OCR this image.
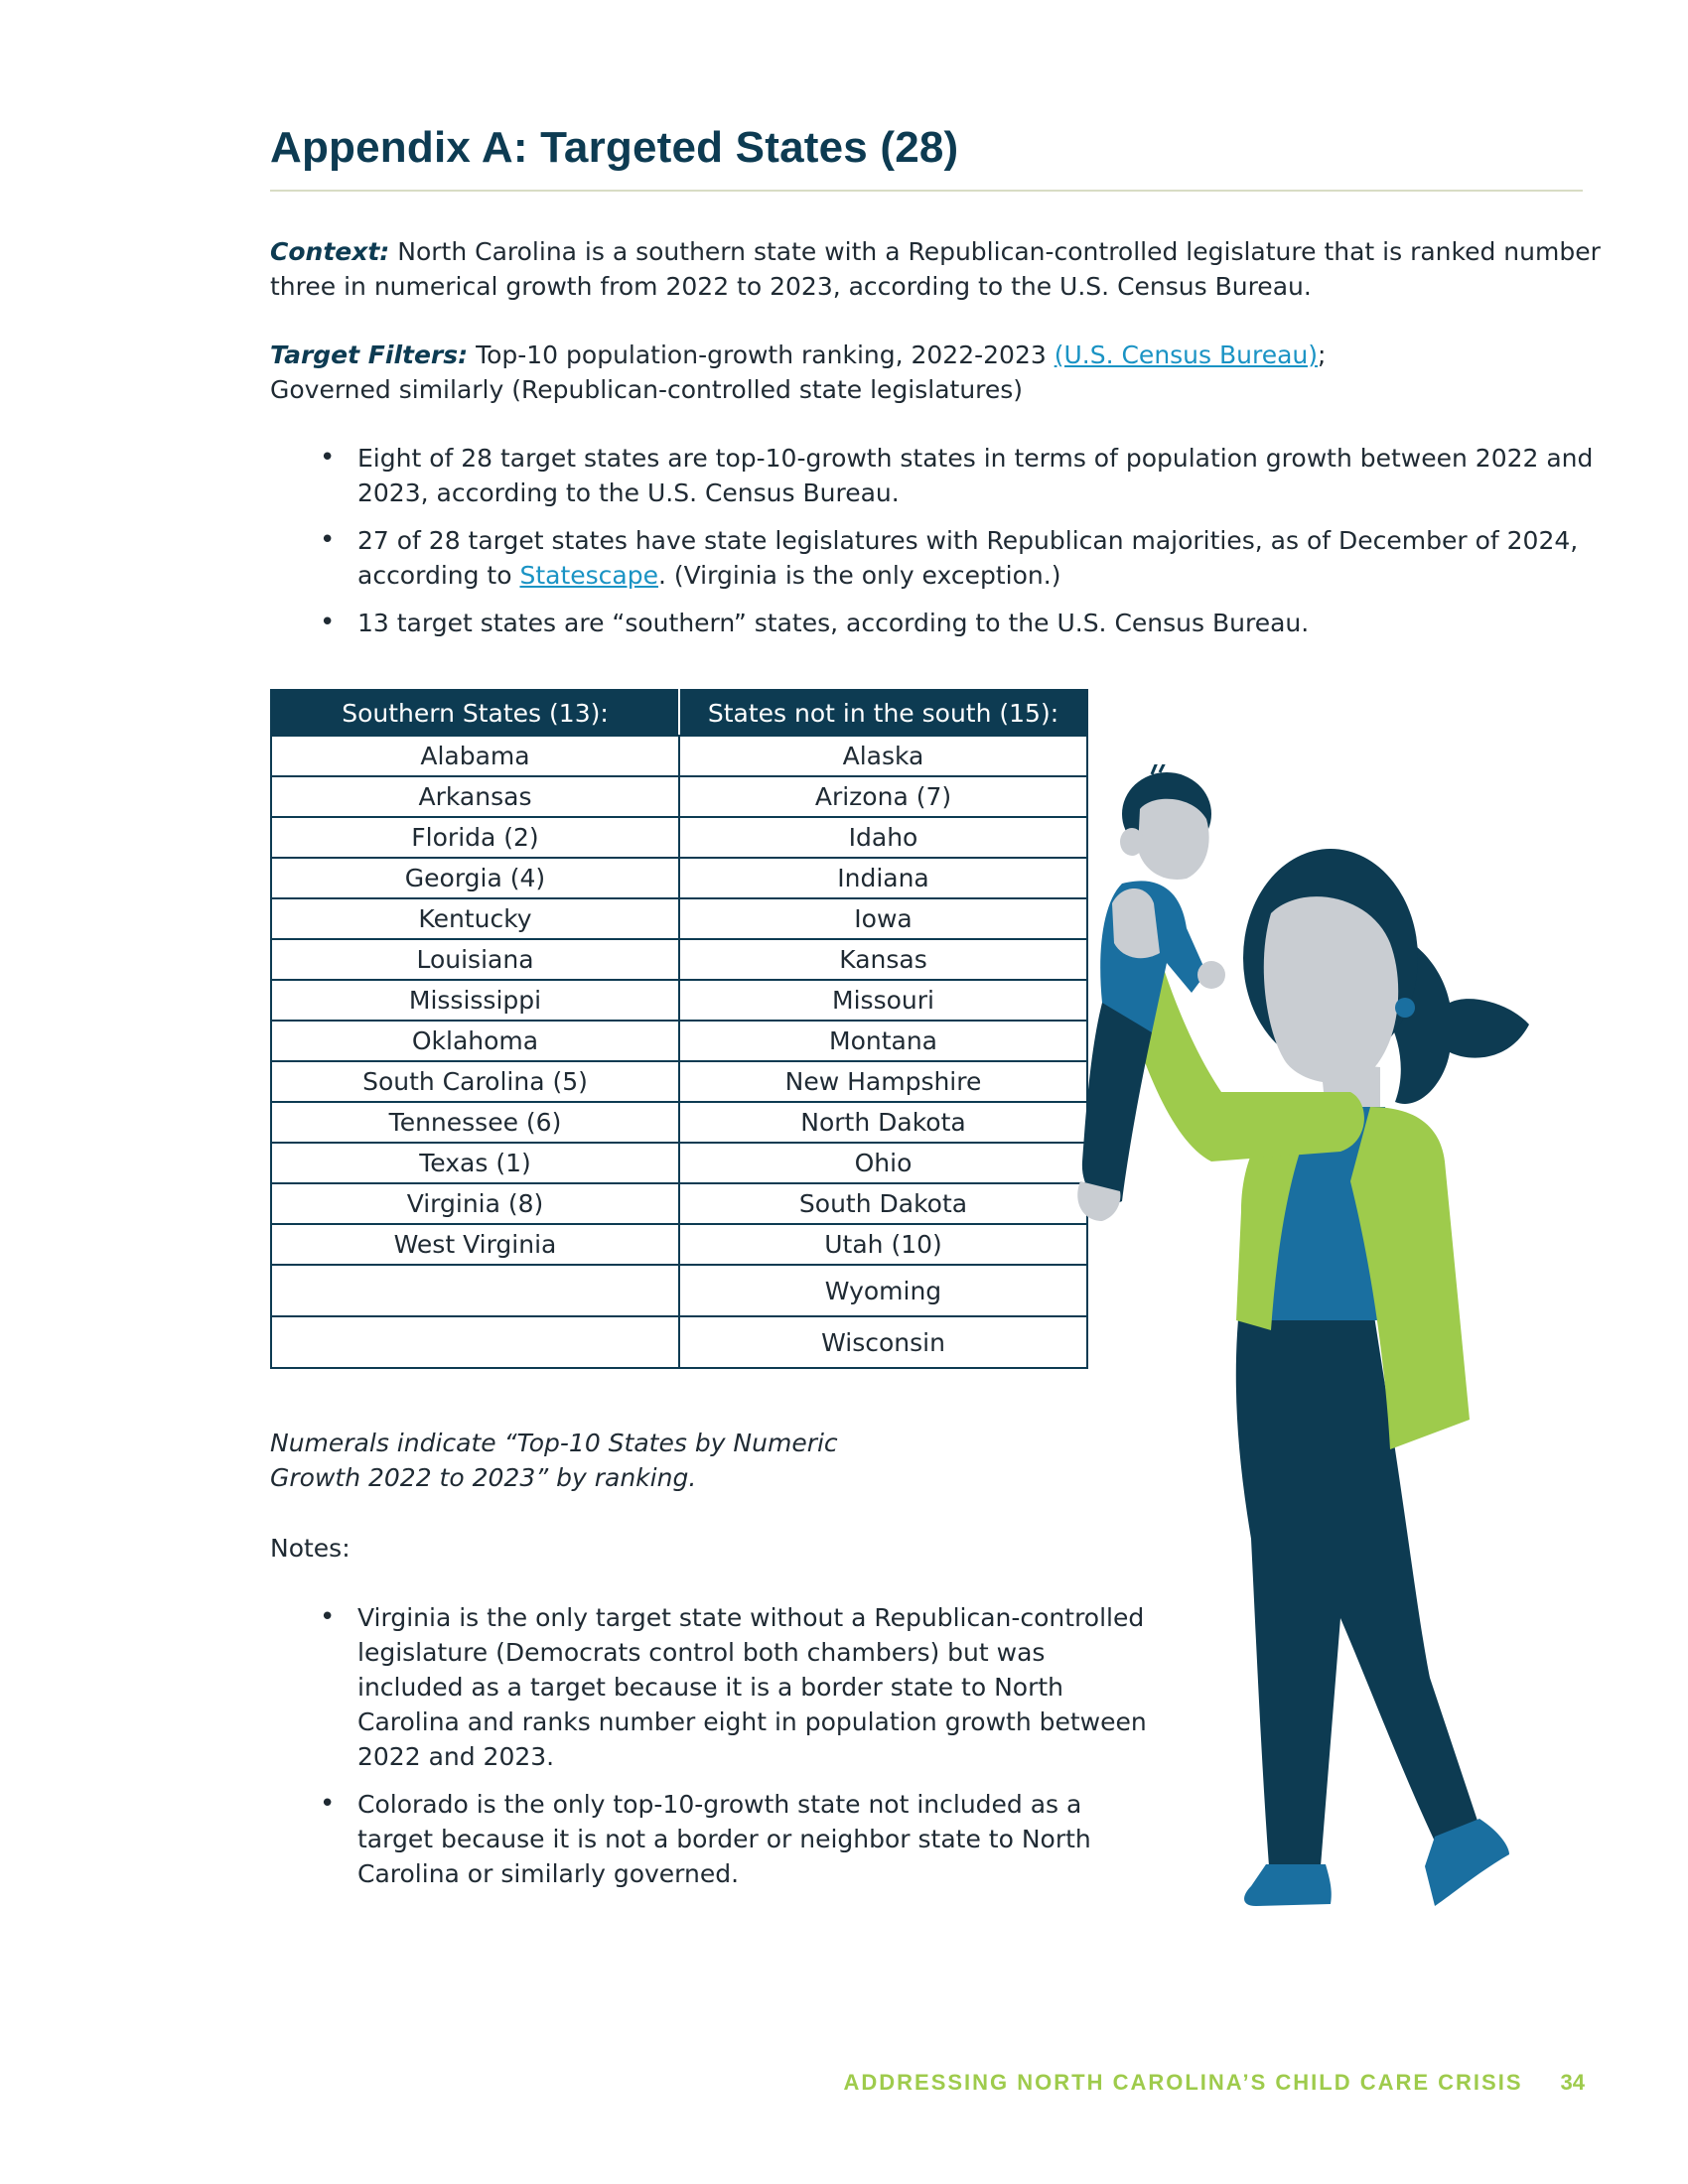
Appendix A: Targeted States (28)

Context: North Carolina is a southern state with a Republican-controlled legislature that is ranked number three in numerical growth from 2022 to 2023, according to the U.S. Census Bureau.

Target Filters: Top-10 population-growth ranking, 2022-2023 (U.S. Census Bureau);
Governed similarly (Republican-controlled state legislatures)

• Eight of 28 target states are top-10-growth states in terms of population growth between 2022 and 2023, according to the U.S. Census Bureau.
• 27 of 28 target states have state legislatures with Republican majorities, as of December of 2024, according to Statescape. (Virginia is the only exception.)
• 13 target states are “southern” states, according to the U.S. Census Bureau.
Southern States (13):	States not in the south (15):
Alabama	Alaska
Arkansas	Arizona (7)
Florida (2)	Idaho
Georgia (4)	Indiana
Kentucky	Iowa
Louisiana	Kansas
Mississippi	Missouri
Oklahoma	Montana
South Carolina (5)	New Hampshire
Tennessee (6)	North Dakota
Texas (1)	Ohio
Virginia (8)	South Dakota
West Virginia	Utah (10)
	Wyoming
	Wisconsin

Numerals indicate “Top-10 States by Numeric Growth 2022 to 2023” by ranking.

Notes:

• Virginia is the only target state without a Republican-controlled legislature (Democrats control both chambers) but was included as a target because it is a border state to North Carolina and ranks number eight in population growth between 2022 and 2023.
• Colorado is the only top-10-growth state not included as a target because it is not a border or neighbor state to North Carolina or similarly governed.
ADDRESSING NORTH CAROLINA’S CHILD CARE CRISIS 34
